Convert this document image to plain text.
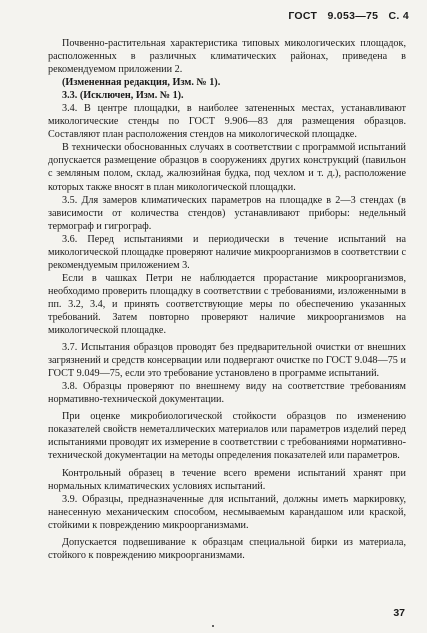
ГОСТ 9.053—75 С. 4

Почвенно-растительная характеристика типовых микологических площадок, расположенных в различных климатических районах, приведена в рекомендуемом приложении 2.

(Измененная редакция, Изм. № 1).

3.3. (Исключен, Изм. № 1).

3.4. В центре площадки, в наиболее затененных местах, устанавливают микологические стенды по ГОСТ 9.906—83 для размещения образцов. Составляют план расположения стендов на микологической площадке.

В технически обоснованных случаях в соответствии с программой испытаний допускается размещение образцов в сооружениях других конструкций (павильон с земляным полом, склад, жалюзийная будка, под чехлом и т. д.), расположение которых также вносят в план микологической площадки.

3.5. Для замеров климатических параметров на площадке в 2—3 стендах (в зависимости от количества стендов) устанавливают приборы: недельный термограф и гигрограф.

3.6. Перед испытаниями и периодически в течение испытаний на микологической площадке проверяют наличие микроорганизмов в соответствии с рекомендуемым приложением 3.

Если в чашках Петри не наблюдается прорастание микроорганизмов, необходимо проверить площадку в соответствии с требованиями, изложенными в пп. 3.2, 3.4, и принять соответствующие меры по обеспечению указанных требований. Затем повторно проверяют наличие микроорганизмов на микологической площадке.

3.7. Испытания образцов проводят без предварительной очистки от внешних загрязнений и средств консервации или подвергают очистке по ГОСТ 9.048—75 и ГОСТ 9.049—75, если это требование установлено в программе испытаний.

3.8. Образцы проверяют по внешнему виду на соответствие требованиям нормативно-технической документации.

При оценке микробиологической стойкости образцов по изменению показателей свойств неметаллических материалов или параметров изделий перед испытаниями проводят их измерение в соответствии с требованиями нормативно-технической документации на методы определения показателей или параметров.

Контрольный образец в течение всего времени испытаний хранят при нормальных климатических условиях испытаний.

3.9. Образцы, предназначенные для испытаний, должны иметь маркировку, нанесенную механическим способом, несмываемым карандашом или краской, стойкими к повреждению микроорганизмами.

Допускается подвешивание к образцам специальной бирки из материала, стойкого к повреждению микроорганизмами.

37
